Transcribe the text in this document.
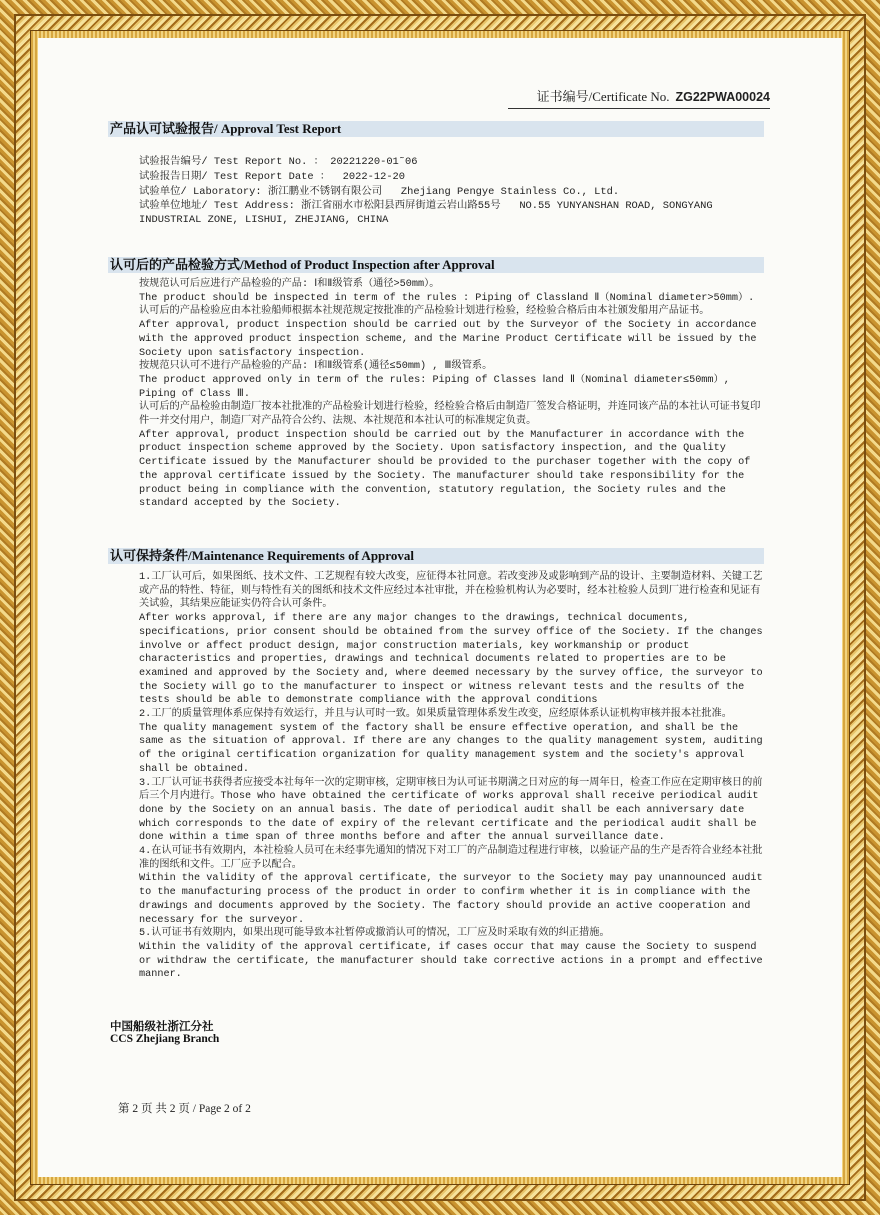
证书编号/Certificate No. ZG22PWA00024
产品认可试验报告/ Approval Test Report

试验报告编号/ Test Report No. ： 20221220-01˜06

试验报告日期/ Test Report Date ：  2022-12-20

试验单位/ Laboratory: 浙江鹏业不锈钢有限公司   Zhejiang Pengye Stainless Co., Ltd.

试验单位地址/ Test Address: 浙江省丽水市松阳县西屏街道云岩山路55号   NO.55 YUNYANSHAN ROAD, SONGYANG INDUSTRIAL ZONE, LISHUI, ZHEJIANG, CHINA

认可后的产品检验方式/Method of Product Inspection after Approval

按规范认可后应进行产品检验的产品: Ⅰ和Ⅱ级管系（通径>50mm）。

The product should be inspected in term of the rules : Piping of ClassⅠand Ⅱ（Nominal diameter>50mm）.

认可后的产品检验应由本社验船师根据本社规范规定按批准的产品检验计划进行检验，经检验合格后由本社颁发船用产品证书。

After approval, product inspection should be carried out by the Surveyor of the Society in accordance with the approved product inspection scheme, and the Marine Product Certificate will be issued by the Society upon satisfactory inspection.

按规范只认可不进行产品检验的产品: Ⅰ和Ⅱ级管系(通径≤50mm) , Ⅲ级管系。

The product approved only in term of the rules: Piping of Classes Ⅰand Ⅱ（Nominal diameter≤50mm）, Piping of Class Ⅲ.

认可后的产品检验由制造厂按本社批准的产品检验计划进行检验，经检验合格后由制造厂签发合格证明，并连同该产品的本社认可证书复印件一并交付用户，制造厂对产品符合公约、法规、本社规范和本社认可的标准规定负责。

After approval, product inspection should be carried out by the Manufacturer in accordance with the product inspection scheme approved by the Society. Upon satisfactory inspection, and the Quality Certificate issued by the Manufacturer should be provided to the purchaser together with the copy of the approval certificate issued by the Society. The manufacturer should take responsibility for the product being in compliance with the convention, statutory regulation, the Society rules and the standard accepted by the Society.

认可保持条件/Maintenance Requirements of Approval

1.工厂认可后，如果图纸、技术文件、工艺规程有较大改变，应征得本社同意。若改变涉及或影响到产品的设计、主要制造材料、关键工艺或产品的特性、特征，则与特性有关的图纸和技术文件应经过本社审批，并在检验机构认为必要时，经本社检验人员到厂进行检查和见证有关试验，其结果应能证实仍符合认可条件。

After works approval, if there are any major changes to the drawings, technical documents, specifications, prior consent should be obtained from the survey office of the Society. If the changes involve or affect product design, major construction materials, key workmanship or product characteristics and properties, drawings and technical documents related to properties are to be examined and approved by the Society and, where deemed necessary by the survey office, the surveyor to the Society will go to the manufacturer to inspect or witness relevant tests and the results of the tests should be able to demonstrate compliance with the approval conditions

2.工厂的质量管理体系应保持有效运行，并且与认可时一致。如果质量管理体系发生改变，应经原体系认证机构审核并报本社批准。

The quality management system of the factory shall be ensure effective operation, and shall be the same as the situation of approval. If there are any changes to the quality management system, auditing of the original certification organization for quality management system and the society's approval shall be obtained.

3.工厂认可证书获得者应接受本社每年一次的定期审核，定期审核日为认可证书期满之日对应的每一周年日，检查工作应在定期审核日的前后三个月内进行。Those who have obtained the certificate of works approval shall receive periodical audit done by the Society on an annual basis. The date of periodical audit shall be each anniversary date which corresponds to the date of expiry of the relevant certificate and the periodical audit shall be done within a time span of three months before and after the annual surveillance date.

4.在认可证书有效期内，本社检验人员可在未经事先通知的情况下对工厂的产品制造过程进行审核，以验证产品的生产是否符合业经本社批准的图纸和文件。工厂应予以配合。

Within the validity of the approval certificate, the surveyor to the Society may pay unannounced audit to the manufacturing process of the product in order to confirm whether it is in compliance with the drawings and documents approved by the Society. The factory should provide an active cooperation and necessary for the surveyor.

5.认可证书有效期内，如果出现可能导致本社暂停或撤消认可的情况，工厂应及时采取有效的纠正措施。

Within the validity of the approval certificate, if cases occur that may cause the Society to suspend or withdraw the certificate, the manufacturer should take corrective actions in a prompt and effective manner.

中国船级社浙江分社
CCS Zhejiang Branch
第 2 页 共 2 页 / Page 2 of 2
